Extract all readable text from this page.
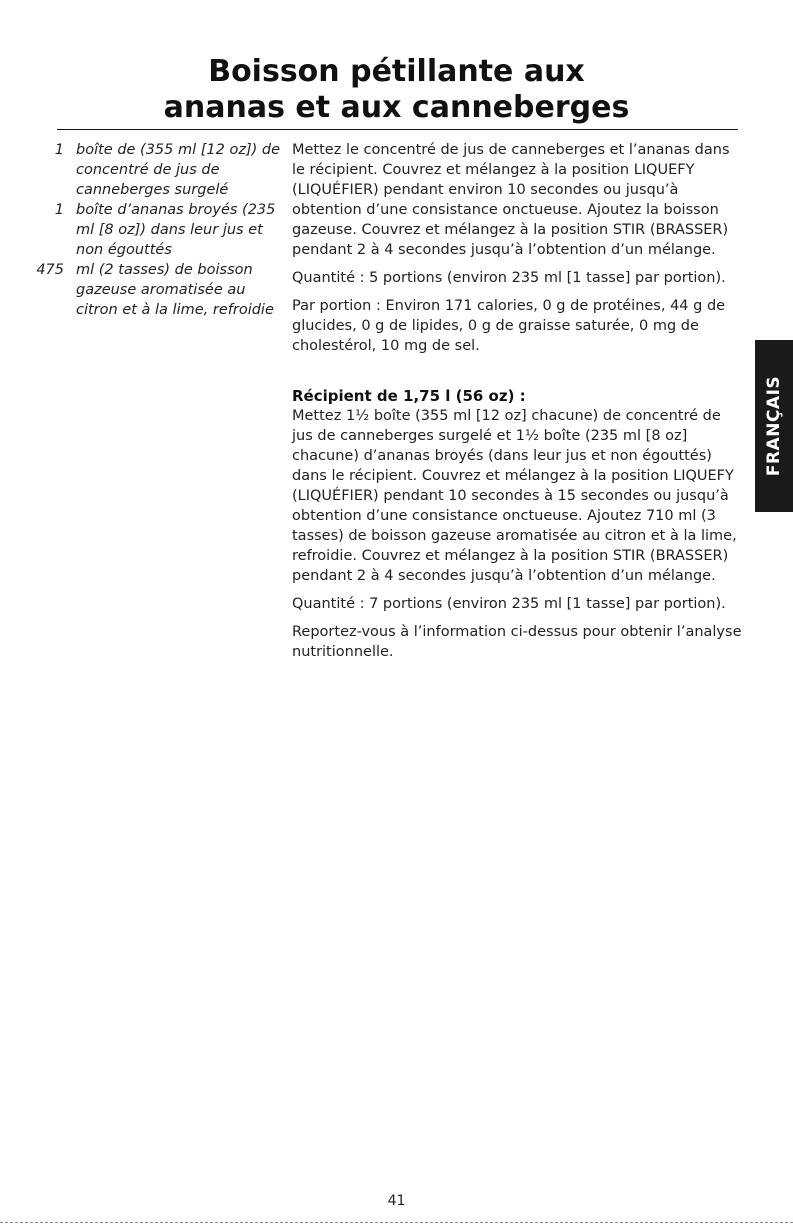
Boisson pétillante aux
ananas et aux canneberges
1 boîte de (355 ml [12 oz]) de concentré de jus de canneberges surgelé
1 boîte d’ananas broyés (235 ml [8 oz]) dans leur jus et non égouttés
475 ml (2 tasses) de boisson gazeuse aromatisée au citron et à la lime, refroidie

Mettez le concentré de jus de canneberges et l’ananas dans le récipient. Couvrez et mélangez à la position LIQUEFY (LIQUÉFIER) pendant environ 10 secondes ou jusqu’à obtention d’une consistance onctueuse. Ajoutez la boisson gazeuse. Couvrez et mélangez à la position STIR (BRASSER) pendant 2 à 4 secondes jusqu’à l’obtention d’un mélange.

Quantité : 5 portions (environ 235 ml [1 tasse] par portion).

Par portion : Environ 171 calories, 0 g de protéines, 44 g de glucides, 0 g de lipides, 0 g de graisse saturée, 0 mg de cholestérol, 10 mg de sel.

Récipient de 1,75 l (56 oz) :

Mettez 1½ boîte (355 ml [12 oz] chacune) de concentré de jus de canneberges surgelé et 1½ boîte (235 ml [8 oz] chacune) d’ananas broyés (dans leur jus et non égouttés) dans le récipient. Couvrez et mélangez à la position LIQUEFY (LIQUÉFIER) pendant 10 secondes à 15 secondes ou jusqu’à obtention d’une consistance onctueuse. Ajoutez 710 ml (3 tasses) de boisson gazeuse aromatisée au citron et à la lime, refroidie. Couvrez et mélangez à la position STIR (BRASSER) pendant 2 à 4 secondes jusqu’à l’obtention d’un mélange.

Quantité : 7 portions (environ 235 ml [1 tasse] par portion).

Reportez-vous à l’information ci-dessus pour obtenir l’analyse nutritionnelle.

FRANÇAIS
41
